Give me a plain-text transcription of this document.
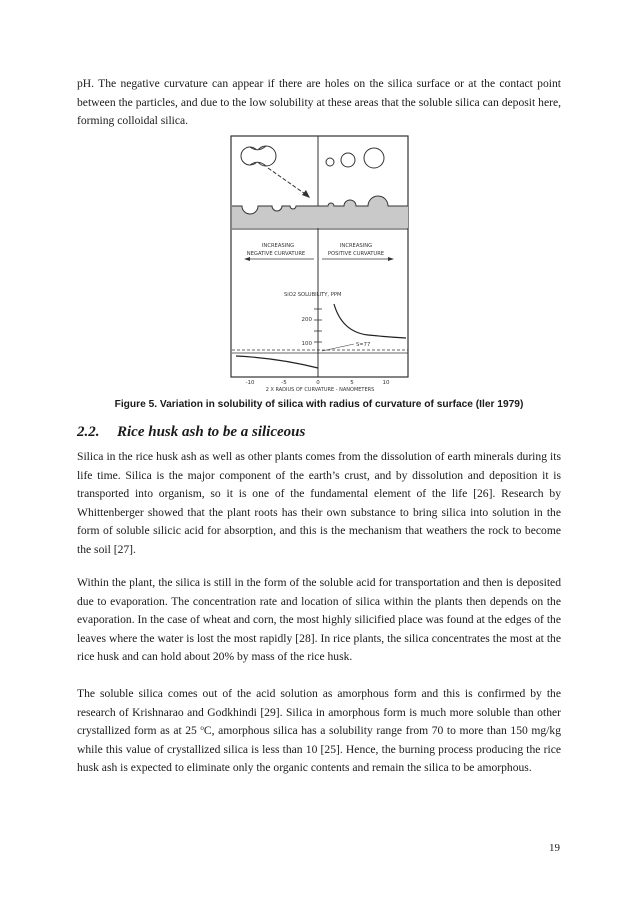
pH. The negative curvature can appear if there are holes on the silica surface or at the contact point between the particles, and due to the low solubility at these areas that the soluble silica can deposit here, forming colloidal silica.

INCREASING
NEGATIVE CURVATURE
INCREASING
POSITIVE CURVATURE
SiO2 SOLUBILITY, PPM
200
100	S=77
-10	-5	0	5	10
2 X RADIUS OF CURVATURE - NANOMETERS
Figure 5. Variation in solubility of silica with radius of curvature of surface (Iler 1979)
2.2. Rice husk ash to be a siliceous

Silica in the rice husk ash as well as other plants comes from the dissolution of earth minerals during its life time. Silica is the major component of the earth’s crust, and by dissolution and deposition it is transported into organism, so it is one of the fundamental element of the life [26]. Research by Whittenberger showed that the plant roots has their own substance to bring silica into solution in the form of soluble silicic acid for absorption, and this is the mechanism that weathers the rock to become the soil [27].

Within the plant, the silica is still in the form of the soluble acid for transportation and then is deposited due to evaporation. The concentration rate and location of silica within the plants then depends on the evaporation. In the case of wheat and corn, the most highly silicified place was found at the edges of the leaves where the water is lost the most rapidly [28]. In rice plants, the silica concentrates the most at the rice husk and can hold about 20% by mass of the rice husk.

The soluble silica comes out of the acid solution as amorphous form and this is confirmed by the research of Krishnarao and Godkhindi [29]. Silica in amorphous form is much more soluble than other crystallized form as at 25 $^o$C, amorphous silica has a solubility range from 70 to more than 150 mg/kg while this value of crystallized silica is less than 10 [25]. Hence, the burning process producing the rice husk ash is expected to eliminate only the organic contents and remain the silica to be amorphous.

19
